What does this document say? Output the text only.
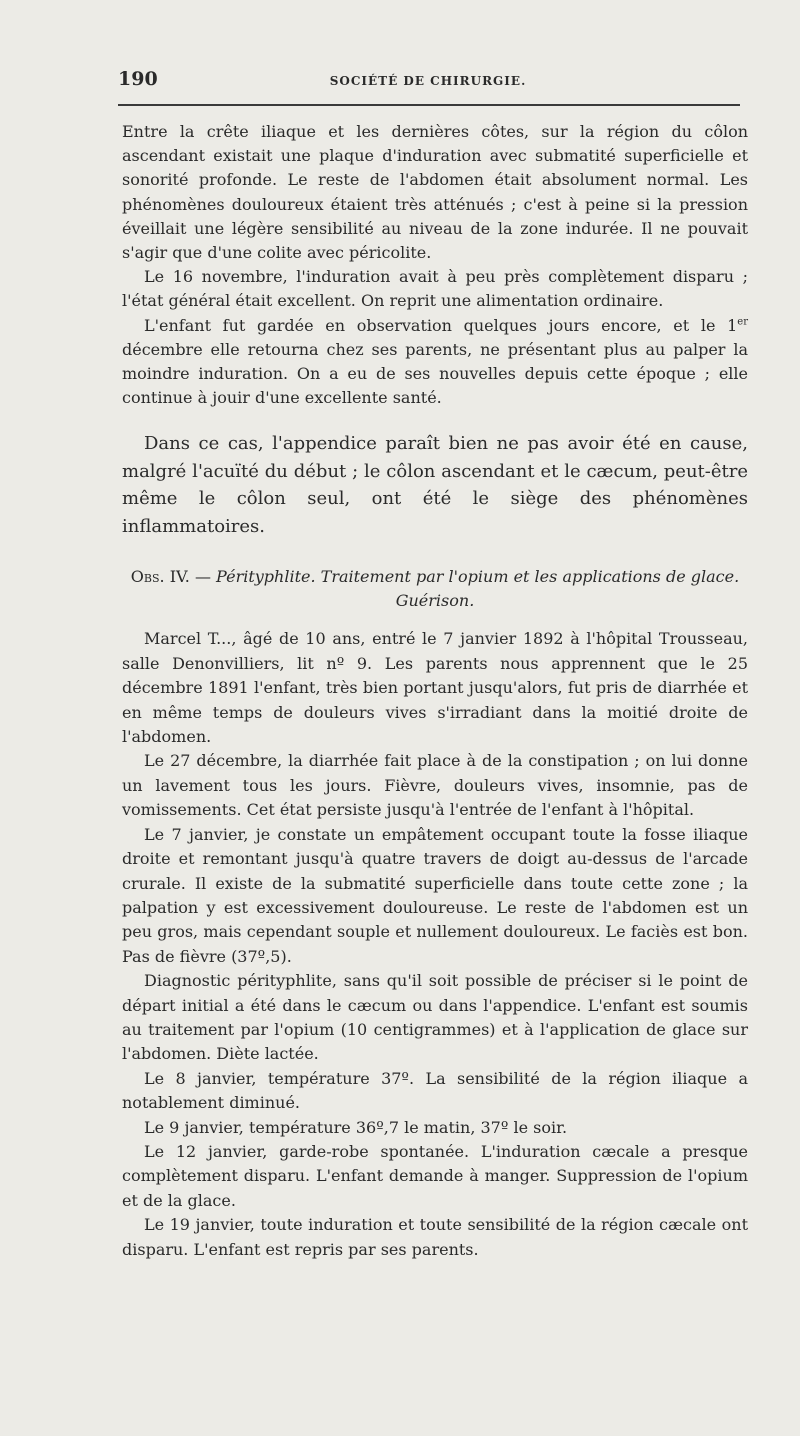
190	SOCIÉTÉ DE CHIRURGIE.

Entre la crête iliaque et les dernières côtes, sur la région du côlon ascendant existait une plaque d'induration avec submatité superficielle et sonorité profonde. Le reste de l'abdomen était absolument normal. Les phénomènes douloureux étaient très atténués ; c'est à peine si la pression éveillait une légère sensibilité au niveau de la zone indurée. Il ne pouvait s'agir que d'une colite avec péricolite.

Le 16 novembre, l'induration avait à peu près complètement disparu ; l'état général était excellent. On reprit une alimentation ordinaire.

L'enfant fut gardée en observation quelques jours encore, et le 1er décembre elle retourna chez ses parents, ne présentant plus au palper la moindre induration. On a eu de ses nouvelles depuis cette époque ; elle continue à jouir d'une excellente santé.

Dans ce cas, l'appendice paraît bien ne pas avoir été en cause, malgré l'acuïté du début ; le côlon ascendant et le cæcum, peut-être même le côlon seul, ont été le siège des phénomènes inflammatoires.

Obs. IV. — Pérityphlite. Traitement par l'opium et les applications de glace. Guérison.

Marcel T..., âgé de 10 ans, entré le 7 janvier 1892 à l'hôpital Trousseau, salle Denonvilliers, lit nº 9. Les parents nous apprennent que le 25 décembre 1891 l'enfant, très bien portant jusqu'alors, fut pris de diarrhée et en même temps de douleurs vives s'irradiant dans la moitié droite de l'abdomen.

Le 27 décembre, la diarrhée fait place à de la constipation ; on lui donne un lavement tous les jours. Fièvre, douleurs vives, insomnie, pas de vomissements. Cet état persiste jusqu'à l'entrée de l'enfant à l'hôpital.

Le 7 janvier, je constate un empâtement occupant toute la fosse iliaque droite et remontant jusqu'à quatre travers de doigt au-dessus de l'arcade crurale. Il existe de la submatité superficielle dans toute cette zone ; la palpation y est excessivement douloureuse. Le reste de l'abdomen est un peu gros, mais cependant souple et nullement douloureux. Le faciès est bon. Pas de fièvre (37º,5).

Diagnostic pérityphlite, sans qu'il soit possible de préciser si le point de départ initial a été dans le cæcum ou dans l'appendice. L'enfant est soumis au traitement par l'opium (10 centigrammes) et à l'application de glace sur l'abdomen. Diète lactée.

Le 8 janvier, température 37º. La sensibilité de la région iliaque a notablement diminué.

Le 9 janvier, température 36º,7 le matin, 37º le soir.

Le 12 janvier, garde-robe spontanée. L'induration cæcale a presque complètement disparu. L'enfant demande à manger. Suppression de l'opium et de la glace.

Le 19 janvier, toute induration et toute sensibilité de la région cæcale ont disparu. L'enfant est repris par ses parents.
